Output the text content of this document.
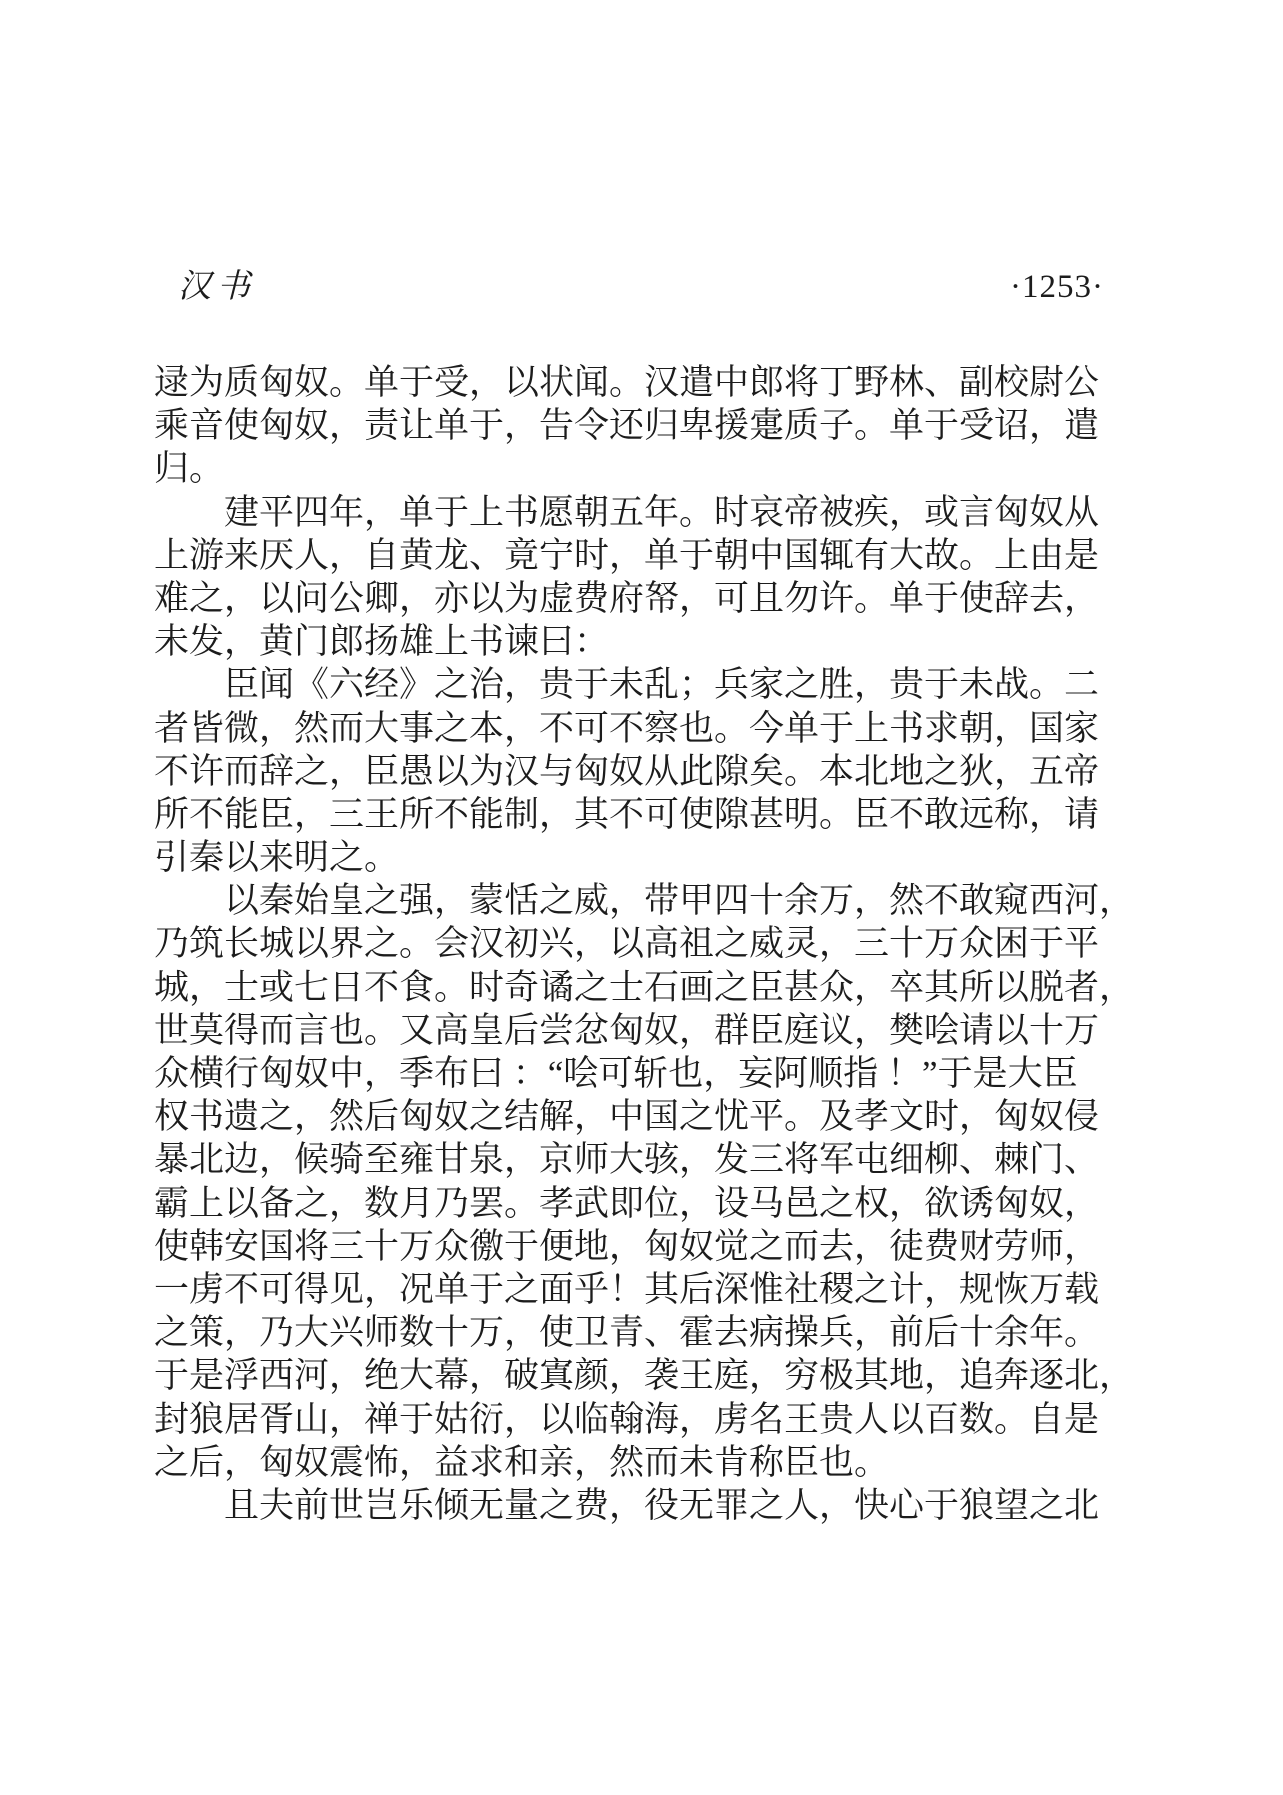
汉书	·1253·
逯为质匈奴。单于受，以状闻。汉遣中郎将丁野林、副校尉公
乘音使匈奴，责让单于，告令还归卑援疐质子。单于受诏，遣
归。
　　建平四年，单于上书愿朝五年。时哀帝被疾，或言匈奴从
上游来厌人，自黄龙、竟宁时，单于朝中国辄有大故。上由是
难之，以问公卿，亦以为虚费府帑，可且勿许。单于使辞去，
未发，黄门郎扬雄上书谏曰：
　　臣闻《六经》之治，贵于未乱；兵家之胜，贵于未战。二
者皆微，然而大事之本，不可不察也。今单于上书求朝，国家
不许而辞之，臣愚以为汉与匈奴从此隙矣。本北地之狄，五帝
所不能臣，三王所不能制，其不可使隙甚明。臣不敢远称，请
引秦以来明之。
　　以秦始皇之强，蒙恬之威，带甲四十余万，然不敢窥西河，
乃筑长城以界之。会汉初兴，以高祖之威灵，三十万众困于平
城，士或七日不食。时奇谲之士石画之臣甚众，卒其所以脱者，
世莫得而言也。又高皇后尝忿匈奴，群臣庭议，樊哙请以十万
众横行匈奴中，季布曰 ：“哙可斩也，妄阿顺指 ！”于是大臣
权书遗之，然后匈奴之结解，中国之忧平。及孝文时，匈奴侵
暴北边，候骑至雍甘泉，京师大骇，发三将军屯细柳、棘门、
霸上以备之，数月乃罢。孝武即位，设马邑之权，欲诱匈奴，
使韩安国将三十万众徼于便地，匈奴觉之而去，徒费财劳师，
一虏不可得见，况单于之面乎！其后深惟社稷之计，规恢万载
之策，乃大兴师数十万，使卫青、霍去病操兵，前后十余年。
于是浮西河，绝大幕，破寘颜，袭王庭，穷极其地，追奔逐北，
封狼居胥山，禅于姑衍，以临翰海，虏名王贵人以百数。自是
之后，匈奴震怖，益求和亲，然而未肯称臣也。
　　且夫前世岂乐倾无量之费，役无罪之人，快心于狼望之北
